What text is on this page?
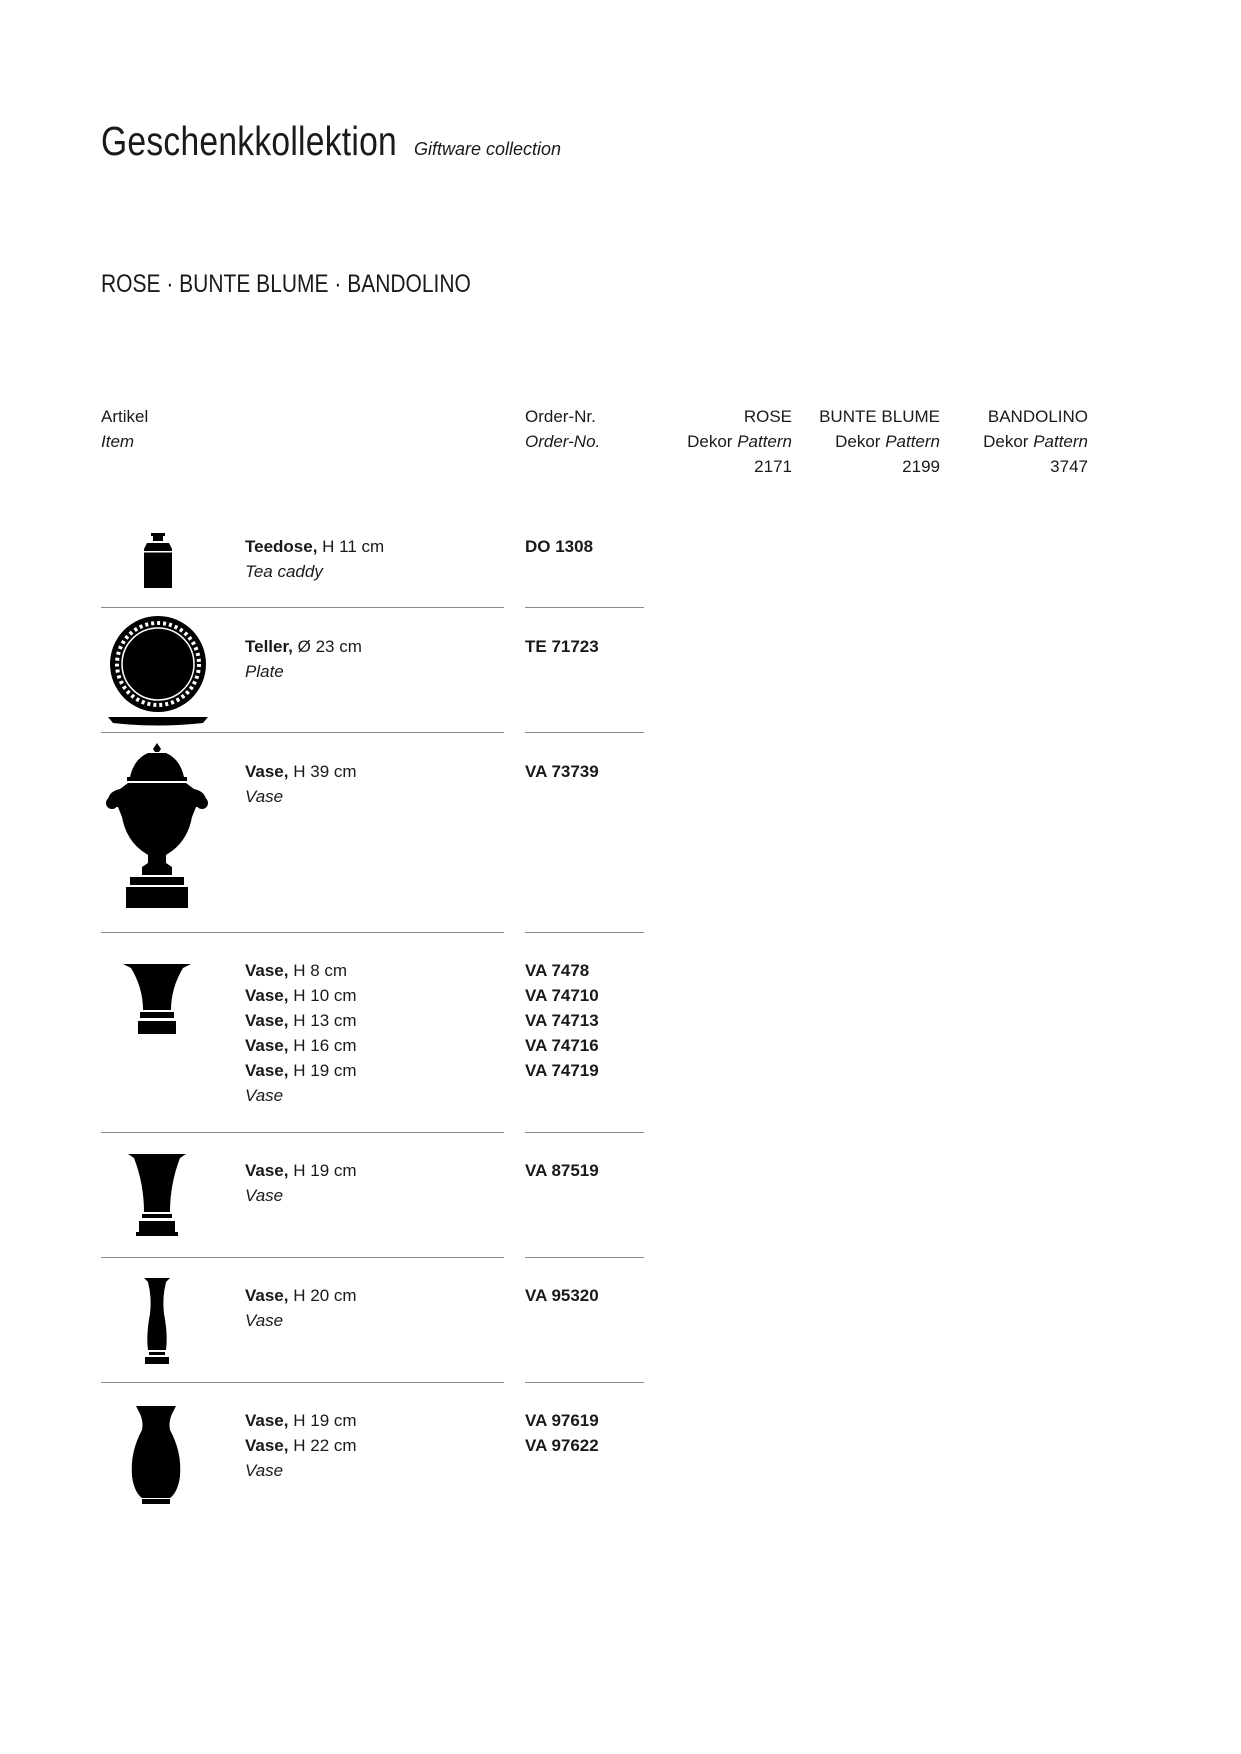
Geschenkkollektion Giftware collection
ROSE · BUNTE BLUME · BANDOLINO
Artikel
Item
Order-Nr.
Order-No.
ROSE
Dekor Pattern
2171
BUNTE BLUME
Dekor Pattern
2199
BANDOLINO
Dekor Pattern
3747
Teedose, H 11 cm
Tea caddy
DO 1308
Teller, Ø 23 cm
Plate
TE 71723
Vase, H 39 cm
Vase
VA 73739
Vase, H 8 cm
Vase, H 10 cm
Vase, H 13 cm
Vase, H 16 cm
Vase, H 19 cm
Vase
VA 7478
VA 74710
VA 74713
VA 74716
VA 74719
Vase, H 19 cm
Vase
VA 87519
Vase, H 20 cm
Vase
VA 95320
Vase, H 19 cm
Vase, H 22 cm
Vase
VA 97619
VA 97622
